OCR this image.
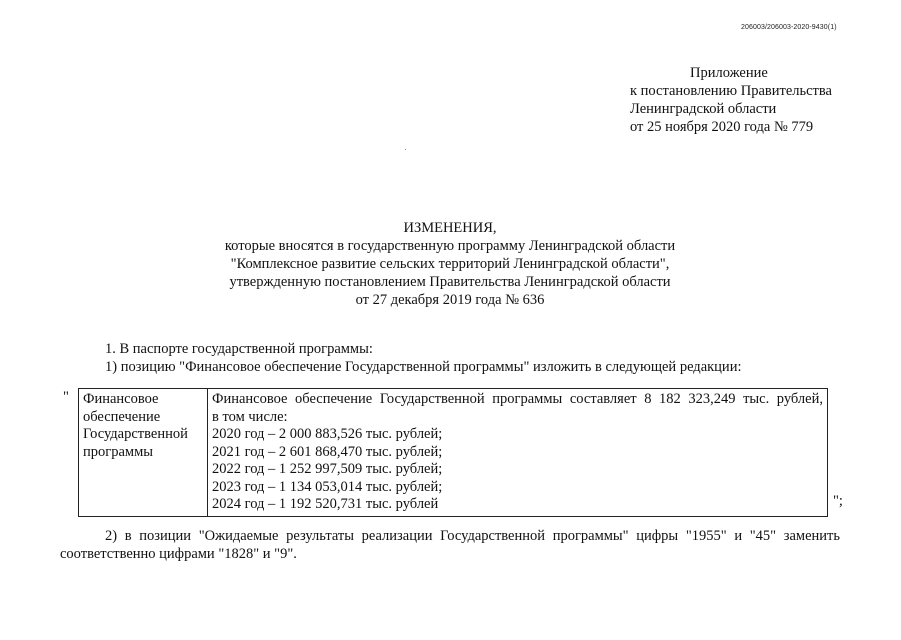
206003/206003-2020-9430(1)
Приложение
к постановлению Правительства
Ленинградской области
от 25 ноября 2020 года № 779
ИЗМЕНЕНИЯ,
которые вносятся в государственную программу Ленинградской области
"Комплексное развитие сельских территорий Ленинградской области",
утвержденную постановлением Правительства Ленинградской области
от 27 декабря 2019 года № 636
1. В паспорте государственной программы:
1) позицию "Финансовое обеспечение Государственной программы" изложить в следующей редакции:
" Финансовое
обеспечение
Государственной
программы

Финансовое обеспечение Государственной программы составляет 8 182 323,249 тыс. рублей,
в том числе:
2020 год – 2 000 883,526 тыс. рублей;
2021 год – 2 601 868,470 тыс. рублей;
2022 год – 1 252 997,509 тыс. рублей;
2023 год – 1 134 053,014 тыс. рублей;
2024 год – 1 192 520,731 тыс. рублей	";
2) в позиции "Ожидаемые результаты реализации Государственной программы" цифры "1955" и "45" заменить
соответственно цифрами "1828" и "9".
